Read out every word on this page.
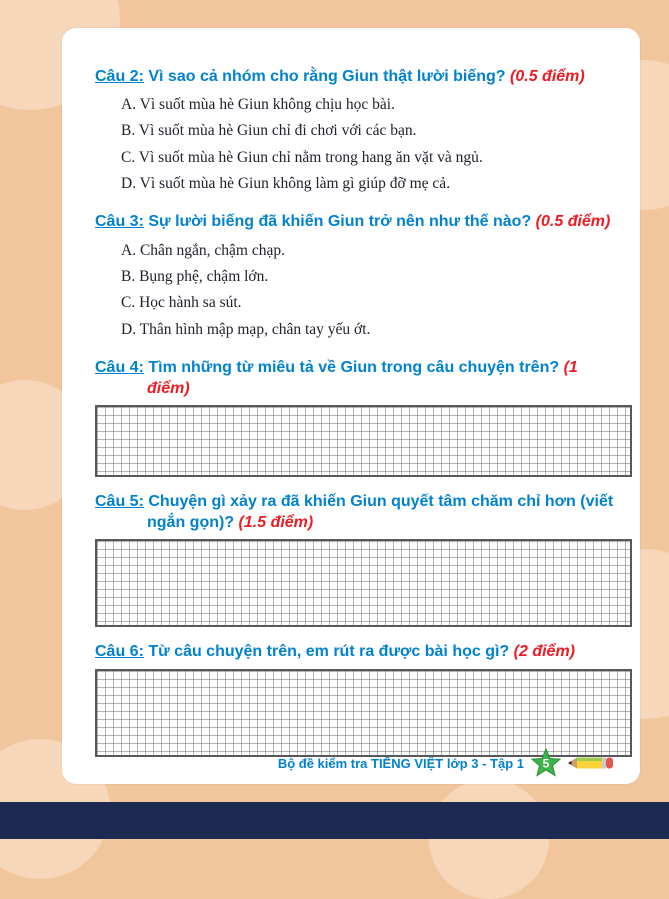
Câu 2: Vì sao cả nhóm cho rằng Giun thật lười biếng? (0.5 điểm)
A. Vì suốt mùa hè Giun không chịu học bài.
B. Vì suốt mùa hè Giun chỉ đi chơi với các bạn.
C. Vì suốt mùa hè Giun chỉ nằm trong hang ăn vặt và ngủ.
D. Vì suốt mùa hè Giun không làm gì giúp đỡ mẹ cả.
Câu 3: Sự lười biếng đã khiến Giun trở nên như thế nào? (0.5 điểm)
A. Chân ngắn, chậm chạp.
B. Bụng phệ, chậm lớn.
C. Học hành sa sút.
D. Thân hình mập mạp, chân tay yếu ớt.
Câu 4: Tìm những từ miêu tả về Giun trong câu chuyện trên? (1 điểm)
Câu 5: Chuyện gì xảy ra đã khiến Giun quyết tâm chăm chỉ hơn (viết ngắn gọn)? (1.5 điểm)
Câu 6: Từ câu chuyện trên, em rút ra được bài học gì? (2 điểm)
Bộ đề kiểm tra TIẾNG VIỆT lớp 3 - Tập 1 5
